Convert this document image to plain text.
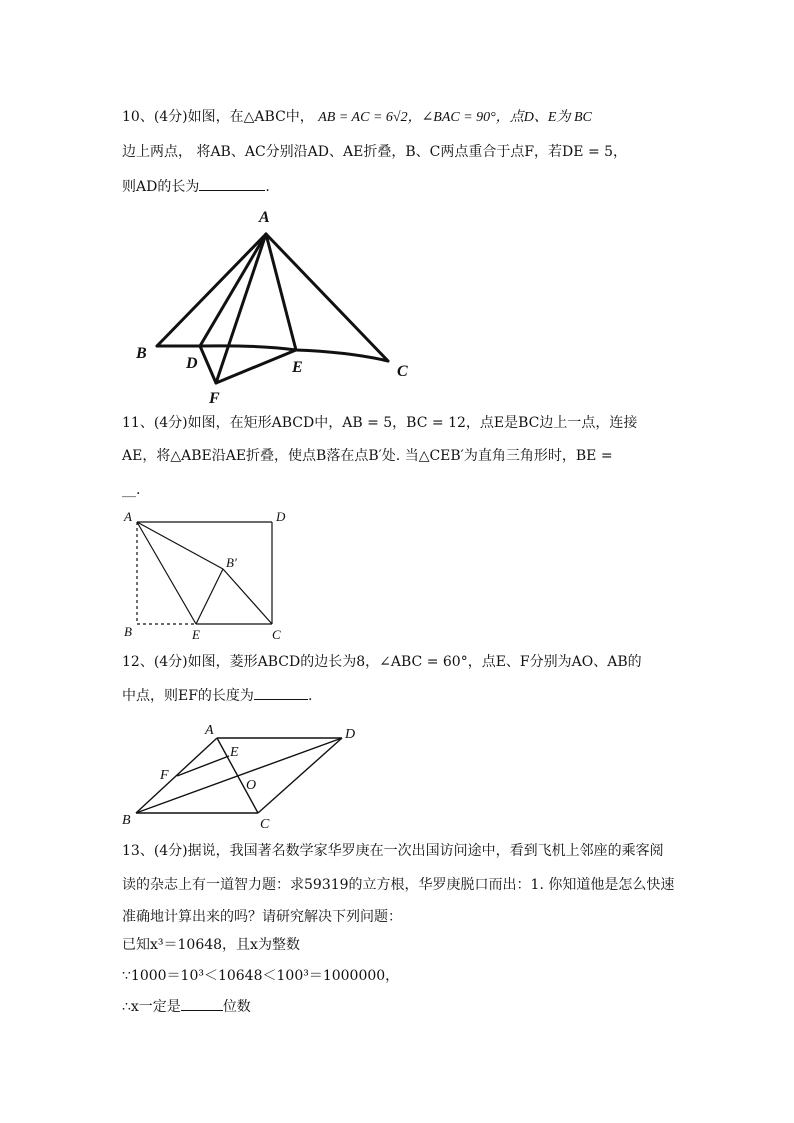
10、(4分)如图，在△ABC中， AB = AC = 6√2，∠BAC = 90°，点D、E为 BC
边上两点， 将AB、AC分别沿AD、AE折叠，B、C两点重合于点F，若DE = 5，
则AD的长为	.
A
B
C
D	E
F
11、(4分)如图，在矩形ABCD中，AB = 5，BC = 12，点E是BC边上一点，连接
AE，将△ABE沿AE折叠，使点B落在点B′处. 当△CEB′为直角三角形时，BE =
__.
A	D
B	E	C
B′
12、(4分)如图，菱形ABCD的边长为8，∠ABC = 60°，点E、F分别为AO、AB的
中点，则EF的长度为	.
A	D
E
F
O
B	C
13、(4分)据说，我国著名数学家华罗庚在一次出国访问途中，看到飞机上邻座的乘客阅
读的杂志上有一道智力题：求59319的立方根，华罗庚脱口而出：1. 你知道他是怎么快速
准确地计算出来的吗？请研究解决下列问题：
已知x³＝10648，且x为整数
∵1000＝10³＜10648＜100³＝1000000，
∴x一定是	位数
